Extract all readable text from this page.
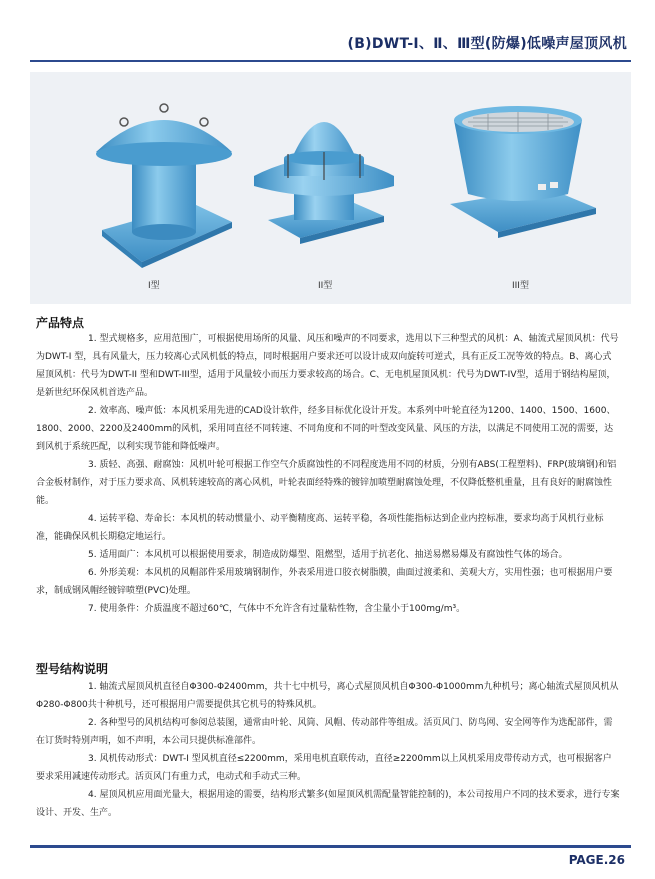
(B)DWT-Ⅰ、Ⅱ、Ⅲ型(防爆)低噪声屋顶风机
I型	II型	III型
产品特点

1. 型式规格多，应用范围广，可根据使用场所的风量、风压和噪声的不同要求，选用以下三种型式的风机：A、轴流式屋顶风机：代号为DWT-I 型，具有风量大，压力较离心式风机低的特点，同时根据用户要求还可以设计成双向旋转可逆式，具有正反工况等效的特点。B、离心式屋顶风机：代号为DWT-II 型和DWT-III型，适用于风量较小而压力要求较高的场合。C、无电机屋顶风机：代号为DWT-IV型，适用于钢结构屋顶，是新世纪环保风机首选产品。

2. 效率高、噪声低：本风机采用先进的CAD设计软件，经多目标优化设计开发。本系列中叶轮直径为1200、1400、1500、1600、1800、2000、2200及2400mm的风机，采用同直径不同转速、不同角度和不同的叶型改变风量、风压的方法，以满足不同使用工况的需要，达到风机于系统匹配，以利实现节能和降低噪声。

3. 质轻、高强、耐腐蚀：风机叶轮可根据工作空气介质腐蚀性的不同程度选用不同的材质，分别有ABS(工程塑料)、FRP(玻璃钢)和铝合金板材制作，对于压力要求高、风机转速较高的离心风机，叶轮表面经特殊的镀锌加喷塑耐腐蚀处理，不仅降低整机重量，且有良好的耐腐蚀性能。

4. 运转平稳、寿命长：本风机的转动惯量小、动平衡精度高、运转平稳，各项性能指标达到企业内控标准，要求均高于风机行业标准，能确保风机长期稳定地运行。

5. 适用面广：本风机可以根据使用要求，制造成防爆型、阻燃型，适用于抗老化、抽送易燃易爆及有腐蚀性气体的场合。

6. 外形美观：本风机的风帽部件采用玻璃钢制作，外表采用进口胶衣树脂膜，曲面过渡柔和、美观大方，实用性强；也可根据用户要求，制成钢风帽经镀锌喷塑(PVC)处理。

7. 使用条件：介质温度不超过60℃，气体中不允许含有过量粘性物，含尘量小于100mg/m³。

型号结构说明

1. 轴流式屋顶风机直径自Φ300-Φ2400mm，共十七中机号，离心式屋顶风机自Φ300-Φ1000mm九种机号；离心轴流式屋顶风机从Φ280-Φ800共十种机号，还可根据用户需要提供其它机号的特殊风机。

2. 各种型号的风机结构可参阅总装图，通常由叶轮、风筒、风帽、传动部件等组成。活页风门、防鸟网、安全网等作为选配部件，需在订货时特别声明，如不声明，本公司只提供标准部件。

3. 风机传动形式：DWT-I 型风机直径≤2200mm，采用电机直联传动，直径≥2200mm以上风机采用皮带传动方式，也可根据客户要求采用减速传动形式。活页风门有重力式，电动式和手动式三种。

4. 屋顶风机应用面光量大，根据用途的需要，结构形式繁多(如屋顶风机需配量智能控制的)，本公司按用户不同的技术要求，进行专案设计、开发、生产。

PAGE.26
